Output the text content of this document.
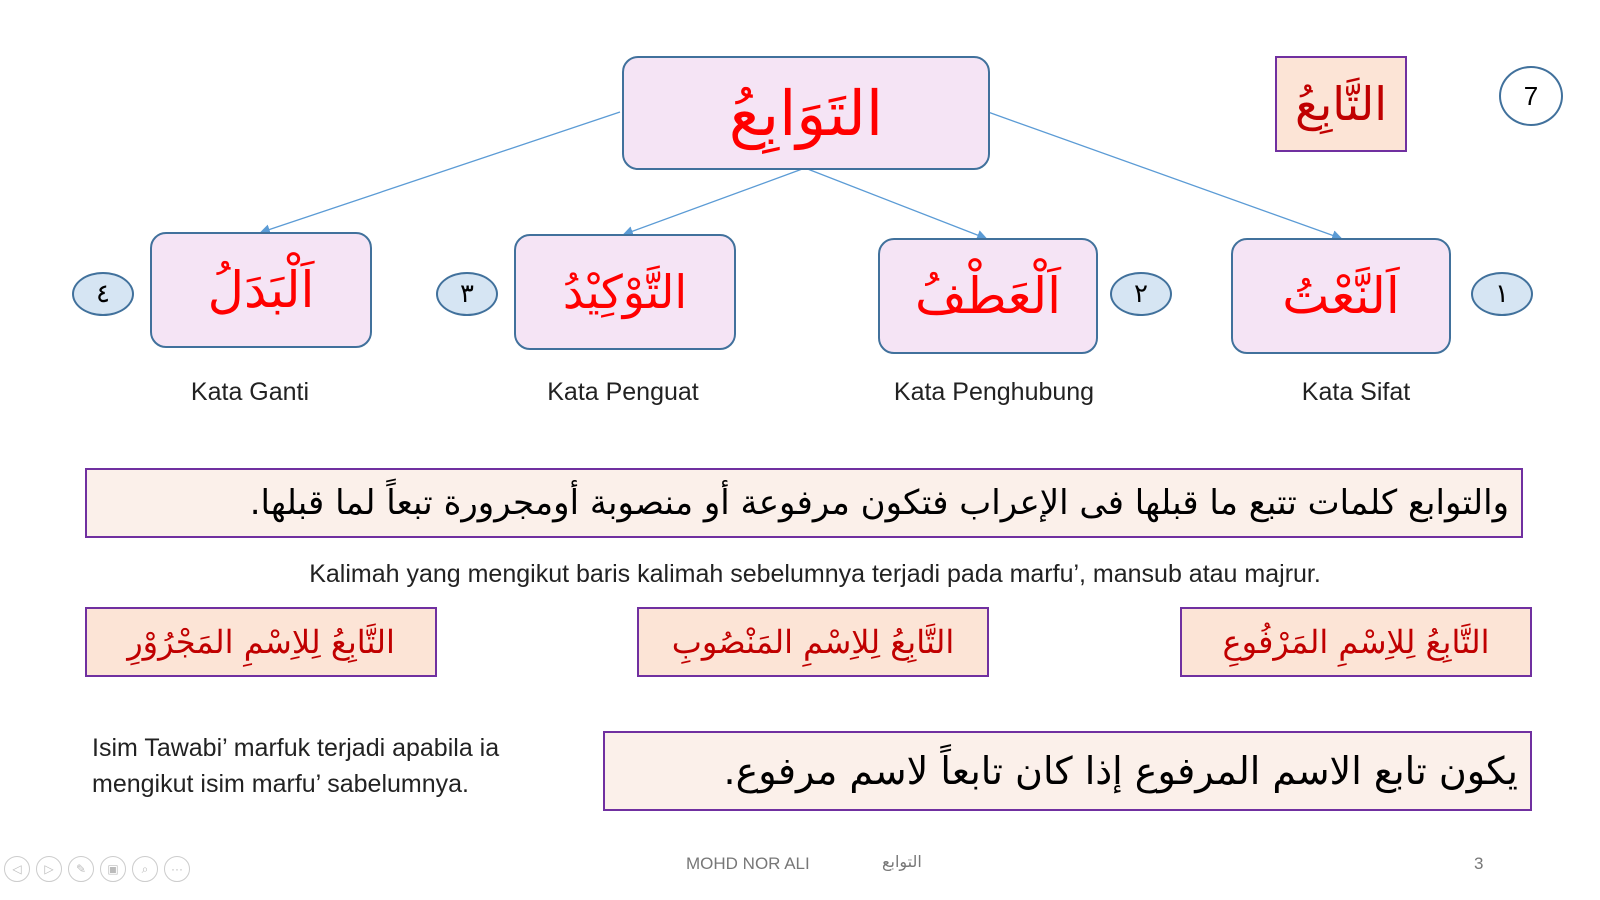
التَوَابِعُ	التَّابِعُ	7
اَلنَّعْتُ
اَلْعَطْفُ
التَّوْكِيْدُ
اَلْبَدَلُ	١
٢
٣
٤
Kata Sifat
Kata Penghubung
Kata Penguat
Kata Ganti
والتوابع كلمات تتبع ما قبلها فى الإعراب فتكون مرفوعة أو منصوبة أومجرورة تبعاً لما قبلها.
Kalimah yang mengikut baris kalimah sebelumnya terjadi pada marfu’, mansub atau majrur.
التَّابِعُ لِلاِسْمِ المَرْفُوعِ
التَّابِعُ لِلاِسْمِ المَنْصُوبِ
التَّابِعُ لِلاِسْمِ المَجْرُوْرِ
Isim Tawabi’ marfuk terjadi apabila ia mengikut isim marfu’ sabelumnya.	يكون تابع الاسم المرفوع إذا كان تابعاً لاسم مرفوع.
MOHD NOR ALI	التوابع	3
◁	▷	✎	▣	⌕	···
